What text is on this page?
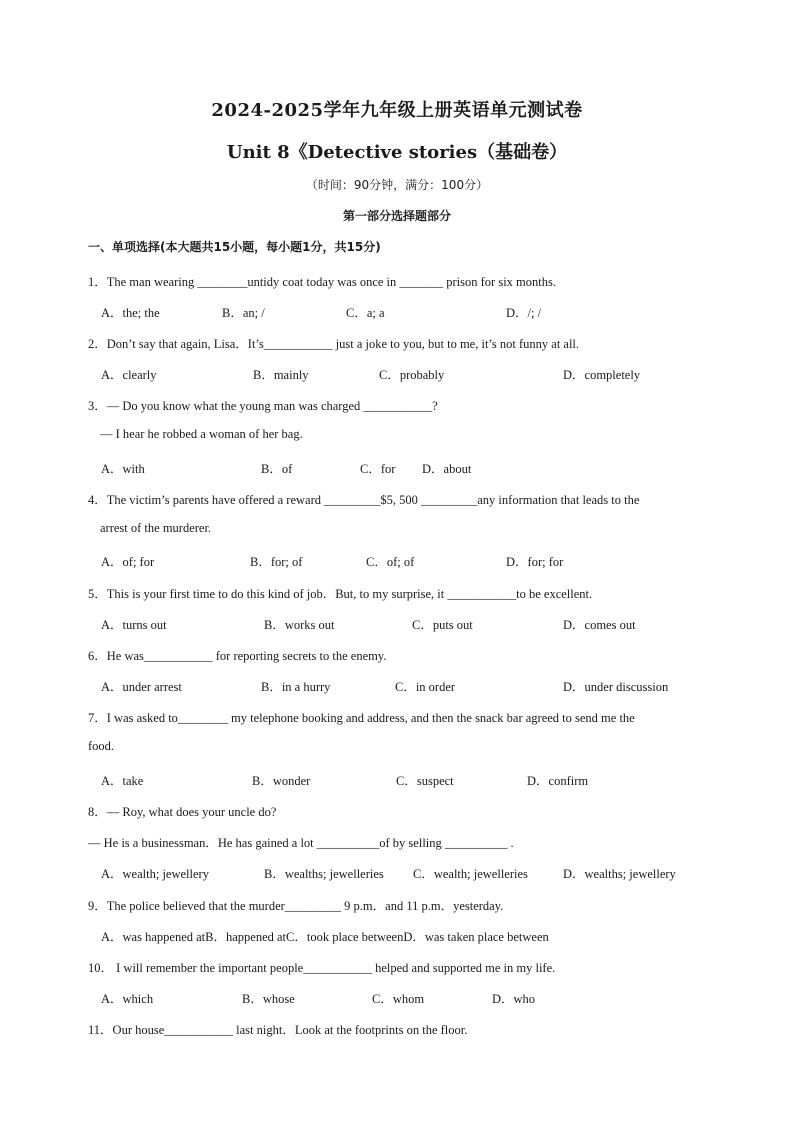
2024-2025学年九年级上册英语单元测试卷
Unit 8《Detective stories（基础卷）
（时间：90分钟，满分：100分）
第一部分选择题部分
一、单项选择(本大题共15小题，每小题1分，共15分)
1．The man wearing ________untidy coat today was once in _______ prison for six months.
A．the; the	B．an; /	C．a; a	D．/; /
2．Don’t say that again, Lisa．It’s___________ just a joke to you, but to me, it’s not funny at all.
A．clearly	B．mainly	C．probably	D．completely
3．— Do you know what the young man was charged ___________?
— I hear he robbed a woman of her bag.
A．with	B．of	C．for D．about
4．The victim’s parents have offered a reward _________$5, 500 _________any information that leads to the
arrest of the murderer.
A．of; for	B．for; of	C．of; of	D．for; for
5．This is your first time to do this kind of job．But, to my surprise, it ___________to be excellent.
A．turns out	B．works out	C．puts out	D．comes out
6．He was___________ for reporting secrets to the enemy.
A．under arrest	B．in a hurry	C．in order	D．under discussion
7．I was asked to________ my telephone booking and address, and then the snack bar agreed to send me the
food.
A．take	B．wonder	C．suspect	D．confirm
8．— Roy, what does your uncle do?
— He is a businessman．He has gained a lot __________of by selling __________ .
A．wealth; jewellery	B．wealths; jewelleries C．wealth; jewelleries	D．wealths; jewellery
9．The police believed that the murder_________ 9 p.m．and 11 p.m．yesterday.
A．was happened atB．happened atC．took place betweenD．was taken place between
10． I will remember the important people___________ helped and supported me in my life.
A．which	B．whose	C．whom	D．who
11．Our house___________ last night．Look at the footprints on the floor.
